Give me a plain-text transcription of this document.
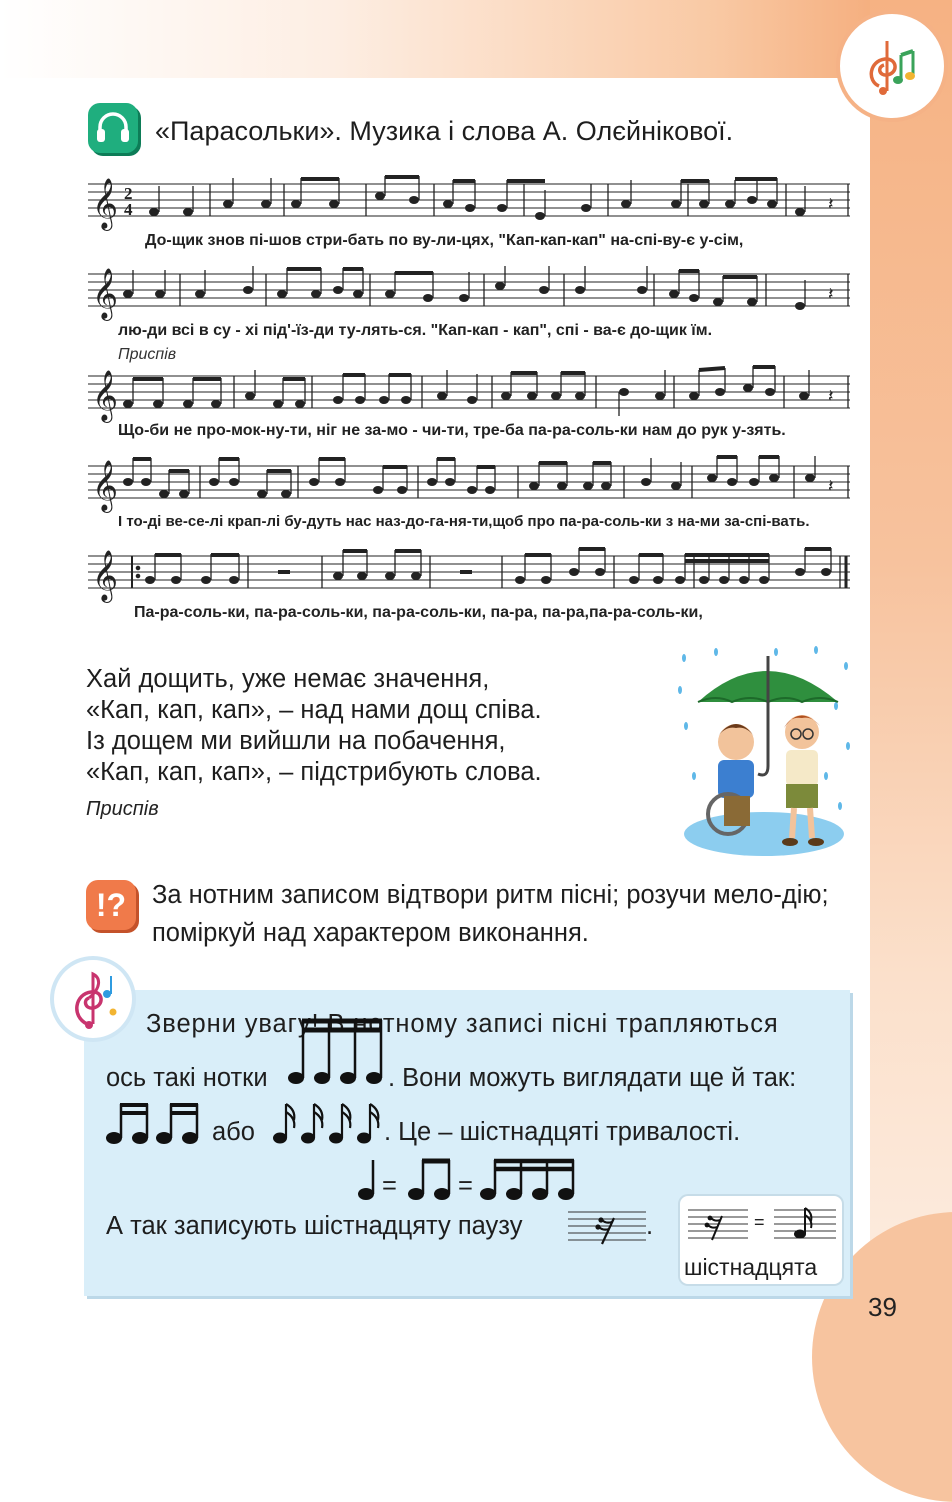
«Парасольки». Музика і слова А. Олєйнікової.
𝄞 2
4	𝄽
До-щик знов пі-шов стри-бать по ву-ли-цях, "Кап-кап-кап" на-спі-ву-є у-сім,
𝄞	𝄽
лю-ди всі в су - хі під'-їз-ди ту-лять-ся. "Кап-кап - кап", спі - ва-є до-щик їм.
Приспів
𝄞	𝄽
Що-би не про-мок-ну-ти, ніг не за-мо - чи-ти, тре-ба па-ра-соль-ки нам до рук у-зять.
𝄞	𝄽
І то-ді ве-се-лі крап-лі бу-дуть нас наз-до-га-ня-ти,щоб про па-ра-соль-ки з на-ми за-спі-вать.
𝄞
Па-ра-соль-ки, па-ра-соль-ки, па-ра-соль-ки, па-ра, па-ра,па-ра-соль-ки,
Хай дощить, уже немає значення,
«Кап, кап, кап», – над нами дощ співа.
Із дощем ми вийшли на побачення,
«Кап, кап, кап», – підстрибують слова.
Приспів
!?	За нотним записом відтвори ритм пісні; розучи мело-дію; поміркуй над характером виконання.
Зверни увагу! В нотному записі пісні трапляються
ось такі нотки	. Вони можуть виглядати ще й так:
або	. Це – шістнадцяті тривалості.
= =
А так записують шістнадцяту паузу	.	=
шістнадцята
39
